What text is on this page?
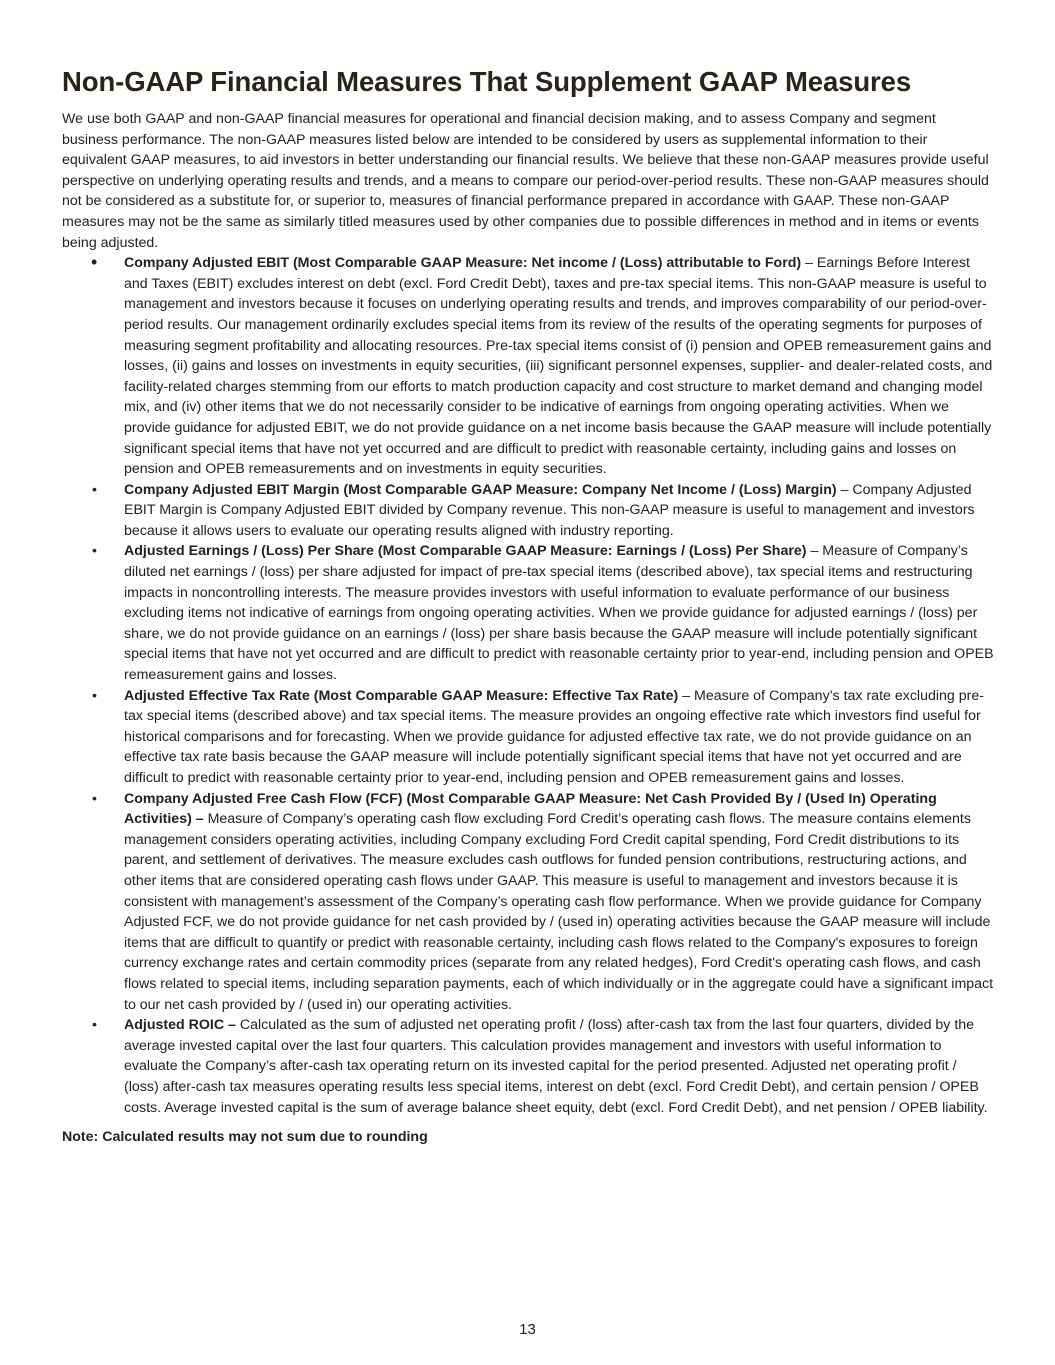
Non-GAAP Financial Measures That Supplement GAAP Measures

We use both GAAP and non-GAAP financial measures for operational and financial decision making, and to assess Company and segment business performance. The non-GAAP measures listed below are intended to be considered by users as supplemental information to their equivalent GAAP measures, to aid investors in better understanding our financial results. We believe that these non-GAAP measures provide useful perspective on underlying operating results and trends, and a means to compare our period-over-period results. These non-GAAP measures should not be considered as a substitute for, or superior to, measures of financial performance prepared in accordance with GAAP. These non-GAAP measures may not be the same as similarly titled measures used by other companies due to possible differences in method and in items or events being adjusted.

• Company Adjusted EBIT (Most Comparable GAAP Measure: Net income / (Loss) attributable to Ford) – Earnings Before Interest and Taxes (EBIT) excludes interest on debt (excl. Ford Credit Debt), taxes and pre-tax special items. This non-GAAP measure is useful to management and investors because it focuses on underlying operating results and trends, and improves comparability of our period-over-period results. Our management ordinarily excludes special items from its review of the results of the operating segments for purposes of measuring segment profitability and allocating resources. Pre-tax special items consist of (i) pension and OPEB remeasurement gains and losses, (ii) gains and losses on investments in equity securities, (iii) significant personnel expenses, supplier- and dealer-related costs, and facility-related charges stemming from our efforts to match production capacity and cost structure to market demand and changing model mix, and (iv) other items that we do not necessarily consider to be indicative of earnings from ongoing operating activities. When we provide guidance for adjusted EBIT, we do not provide guidance on a net income basis because the GAAP measure will include potentially significant special items that have not yet occurred and are difficult to predict with reasonable certainty, including gains and losses on pension and OPEB remeasurements and on investments in equity securities.
• Company Adjusted EBIT Margin (Most Comparable GAAP Measure: Company Net Income / (Loss) Margin) – Company Adjusted EBIT Margin is Company Adjusted EBIT divided by Company revenue. This non-GAAP measure is useful to management and investors because it allows users to evaluate our operating results aligned with industry reporting.
• Adjusted Earnings / (Loss) Per Share (Most Comparable GAAP Measure: Earnings / (Loss) Per Share) – Measure of Company’s diluted net earnings / (loss) per share adjusted for impact of pre-tax special items (described above), tax special items and restructuring impacts in noncontrolling interests. The measure provides investors with useful information to evaluate performance of our business excluding items not indicative of earnings from ongoing operating activities. When we provide guidance for adjusted earnings / (loss) per share, we do not provide guidance on an earnings / (loss) per share basis because the GAAP measure will include potentially significant special items that have not yet occurred and are difficult to predict with reasonable certainty prior to year-end, including pension and OPEB remeasurement gains and losses.
• Adjusted Effective Tax Rate (Most Comparable GAAP Measure: Effective Tax Rate) – Measure of Company’s tax rate excluding pre-tax special items (described above) and tax special items. The measure provides an ongoing effective rate which investors find useful for historical comparisons and for forecasting. When we provide guidance for adjusted effective tax rate, we do not provide guidance on an effective tax rate basis because the GAAP measure will include potentially significant special items that have not yet occurred and are difficult to predict with reasonable certainty prior to year-end, including pension and OPEB remeasurement gains and losses.
• Company Adjusted Free Cash Flow (FCF) (Most Comparable GAAP Measure: Net Cash Provided By / (Used In) Operating Activities) – Measure of Company’s operating cash flow excluding Ford Credit’s operating cash flows. The measure contains elements management considers operating activities, including Company excluding Ford Credit capital spending, Ford Credit distributions to its parent, and settlement of derivatives. The measure excludes cash outflows for funded pension contributions, restructuring actions, and other items that are considered operating cash flows under GAAP. This measure is useful to management and investors because it is consistent with management’s assessment of the Company’s operating cash flow performance. When we provide guidance for Company Adjusted FCF, we do not provide guidance for net cash provided by / (used in) operating activities because the GAAP measure will include items that are difficult to quantify or predict with reasonable certainty, including cash flows related to the Company's exposures to foreign currency exchange rates and certain commodity prices (separate from any related hedges), Ford Credit's operating cash flows, and cash flows related to special items, including separation payments, each of which individually or in the aggregate could have a significant impact to our net cash provided by / (used in) our operating activities.
• Adjusted ROIC – Calculated as the sum of adjusted net operating profit / (loss) after-cash tax from the last four quarters, divided by the average invested capital over the last four quarters. This calculation provides management and investors with useful information to evaluate the Company’s after-cash tax operating return on its invested capital for the period presented. Adjusted net operating profit / (loss) after-cash tax measures operating results less special items, interest on debt (excl. Ford Credit Debt), and certain pension / OPEB costs. Average invested capital is the sum of average balance sheet equity, debt (excl. Ford Credit Debt), and net pension / OPEB liability.
Note: Calculated results may not sum due to rounding
13
